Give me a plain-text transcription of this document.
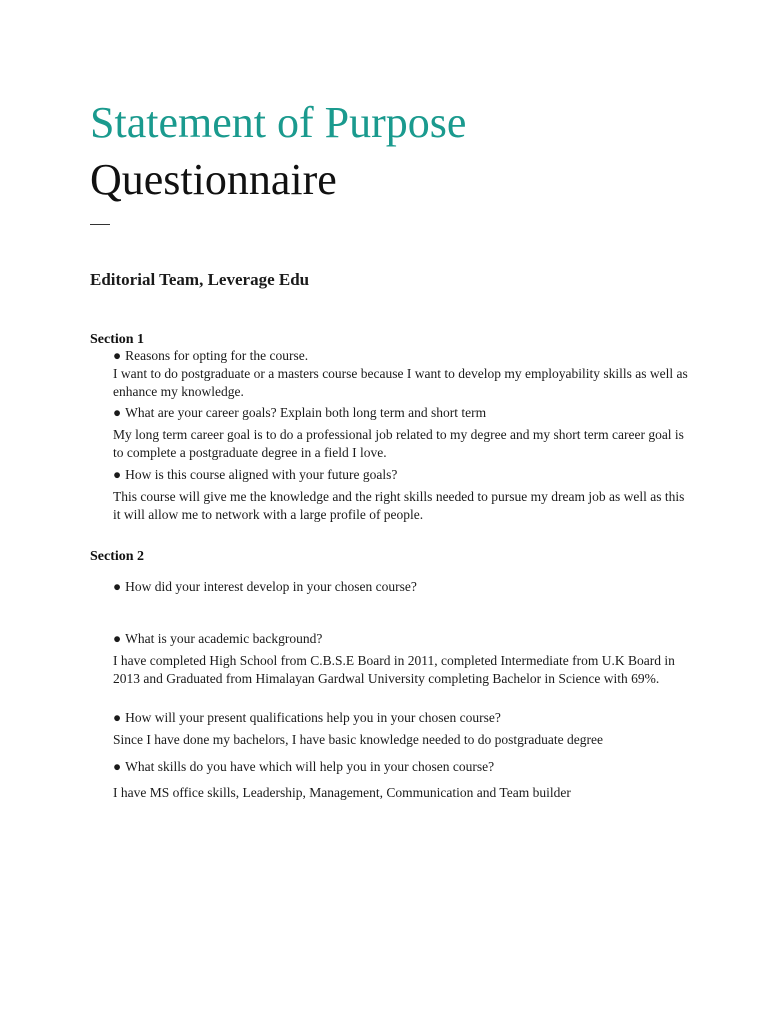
Statement of Purpose
Questionnaire
Editorial Team, Leverage Edu
Section 1
● Reasons for opting for the course.

I want to do postgraduate or a masters course because I want to develop my employability skills as well as enhance my knowledge.

● What are your career goals? Explain both long term and short term

My long term career goal is to do a professional job related to my degree and my short term career goal is to complete a postgraduate degree in a field I love.

● How is this course aligned with your future goals?

This course will give me the knowledge and the right skills needed to pursue my dream job as well as this it will allow me to network with a large profile of people.

Section 2
● How did your interest develop in your chosen course?

● What is your academic background?

I have completed High School from C.B.S.E Board in 2011, completed Intermediate from U.K Board in 2013 and Graduated from Himalayan Gardwal University completing Bachelor in Science with 69%.

● How will your present qualifications help you in your chosen course?

Since I have done my bachelors, I have basic knowledge needed to do postgraduate degree

● What skills do you have which will help you in your chosen course?

I have MS office skills, Leadership, Management, Communication and Team builder
